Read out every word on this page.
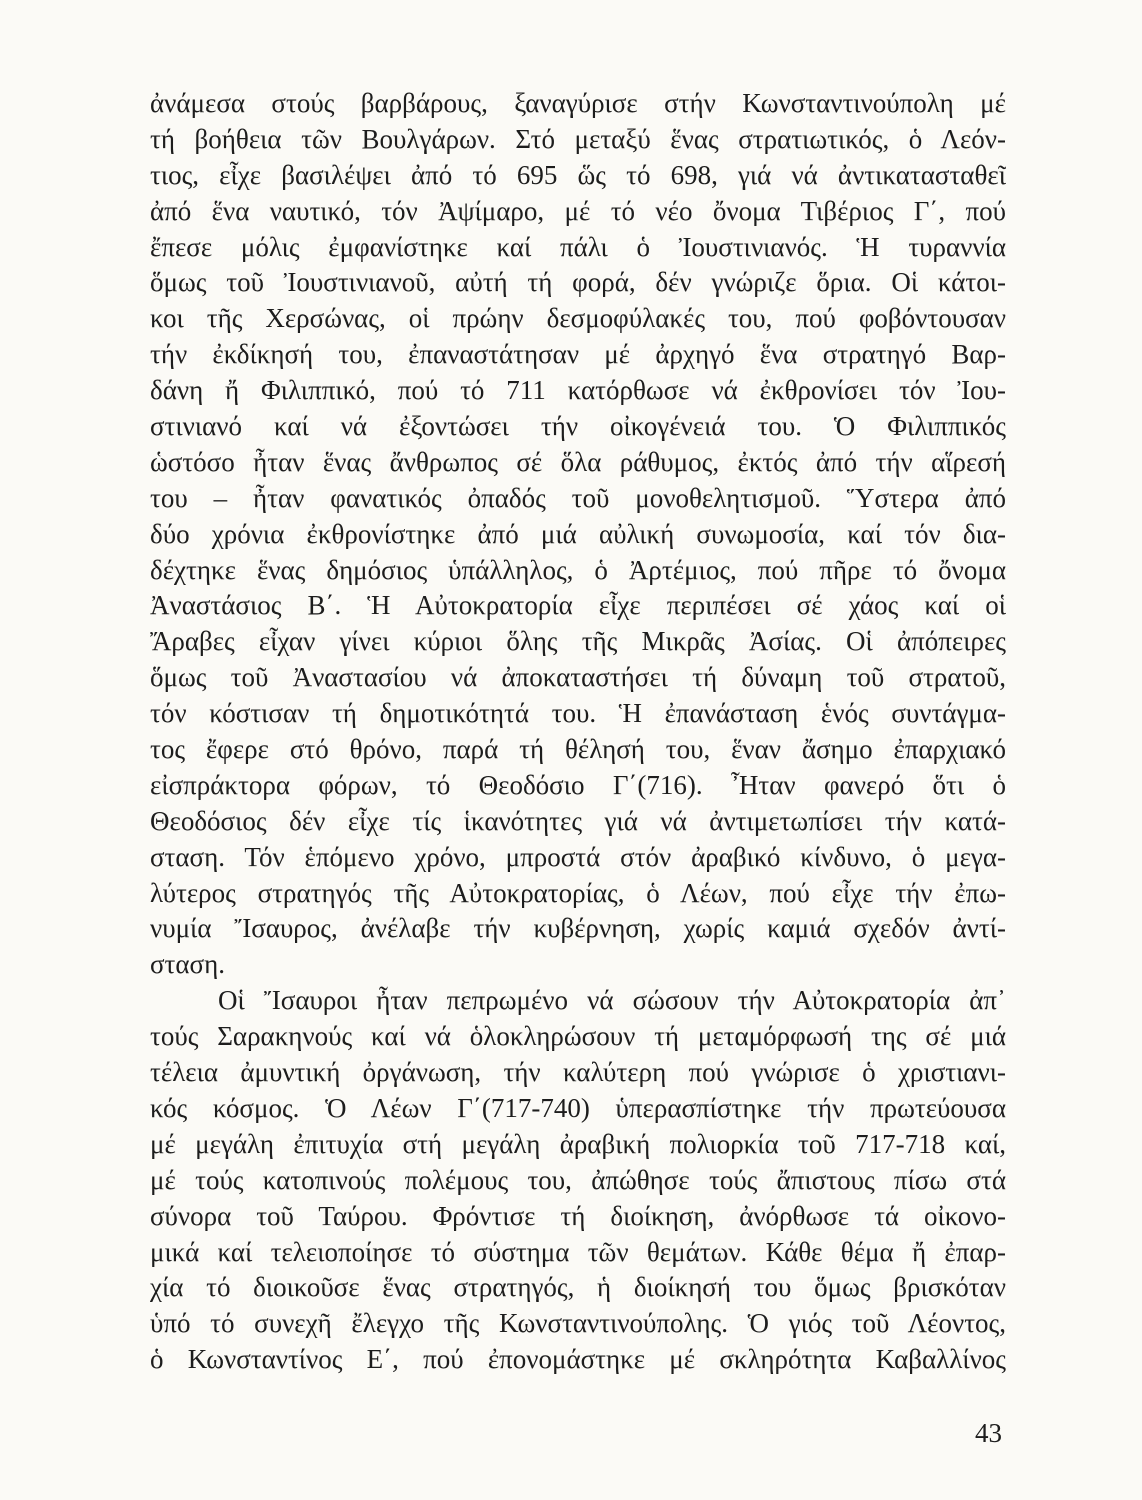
ἀνάμεσα στούς βαρβάρους, ξαναγύρισε στήν Κωνσταντινούπολη μέ
τή βοήθεια τῶν Βουλγάρων. Στό μεταξύ ἕνας στρατιωτικός, ὁ Λεόν-
τιος, εἶχε βασιλέψει ἀπό τό 695 ὥς τό 698, γιά νά ἀντικατασταθεῖ
ἀπό ἕνα ναυτικό, τόν Ἀψίμαρο, μέ τό νέο ὄνομα Τιβέριος Γ΄, πού
ἔπεσε μόλις ἐμφανίστηκε καί πάλι ὁ Ἰουστινιανός. Ἡ τυραννία
ὅμως τοῦ Ἰουστινιανοῦ, αὐτή τή φορά, δέν γνώριζε ὅρια. Οἱ κάτοι-
κοι τῆς Χερσώνας, οἱ πρώην δεσμοφύλακές του, πού φοβόντουσαν
τήν ἐκδίκησή του, ἐπαναστάτησαν μέ ἀρχηγό ἕνα στρατηγό Βαρ-
δάνη ἤ Φιλιππικό, πού τό 711 κατόρθωσε νά ἐκθρονίσει τόν Ἰου-
στινιανό καί νά ἐξοντώσει τήν οἰκογένειά του. Ὁ Φιλιππικός
ὡστόσο ἦταν ἕνας ἄνθρωπος σέ ὅλα ράθυμος, ἐκτός ἀπό τήν αἵρεσή
του – ἦταν φανατικός ὀπαδός τοῦ μονοθελητισμοῦ. Ὕστερα ἀπό
δύο χρόνια ἐκθρονίστηκε ἀπό μιά αὐλική συνωμοσία, καί τόν δια-
δέχτηκε ἕνας δημόσιος ὑπάλληλος, ὁ Ἀρτέμιος, πού πῆρε τό ὄνομα
Ἀναστάσιος Β΄. Ἡ Αὐτοκρατορία εἶχε περιπέσει σέ χάος καί οἱ
Ἄραβες εἶχαν γίνει κύριοι ὅλης τῆς Μικρᾶς Ἀσίας. Οἱ ἀπόπειρες
ὅμως τοῦ Ἀναστασίου νά ἀποκαταστήσει τή δύναμη τοῦ στρατοῦ,
τόν κόστισαν τή δημοτικότητά του. Ἡ ἐπανάσταση ἑνός συντάγμα-
τος ἔφερε στό θρόνο, παρά τή θέλησή του, ἕναν ἄσημο ἐπαρχιακό
εἰσπράκτορα φόρων, τό Θεοδόσιο Γ΄(716). Ἦταν φανερό ὅτι ὁ
Θεοδόσιος δέν εἶχε τίς ἱκανότητες γιά νά ἀντιμετωπίσει τήν κατά-
σταση. Τόν ἑπόμενο χρόνο, μπροστά στόν ἀραβικό κίνδυνο, ὁ μεγα-
λύτερος στρατηγός τῆς Αὐτοκρατορίας, ὁ Λέων, πού εἶχε τήν ἐπω-
νυμία Ἴσαυρος, ἀνέλαβε τήν κυβέρνηση, χωρίς καμιά σχεδόν ἀντί-
σταση.
Οἱ Ἴσαυροι ἦταν πεπρωμένο νά σώσουν τήν Αὐτοκρατορία ἀπ᾽
τούς Σαρακηνούς καί νά ὁλοκληρώσουν τή μεταμόρφωσή της σέ μιά
τέλεια ἀμυντική ὀργάνωση, τήν καλύτερη πού γνώρισε ὁ χριστιανι-
κός κόσμος. Ὁ Λέων Γ΄(717-740) ὑπερασπίστηκε τήν πρωτεύουσα
μέ μεγάλη ἐπιτυχία στή μεγάλη ἀραβική πολιορκία τοῦ 717-718 καί,
μέ τούς κατοπινούς πολέμους του, ἀπώθησε τούς ἄπιστους πίσω στά
σύνορα τοῦ Ταύρου. Φρόντισε τή διοίκηση, ἀνόρθωσε τά οἰκονο-
μικά καί τελειοποίησε τό σύστημα τῶν θεμάτων. Κάθε θέμα ἤ ἐπαρ-
χία τό διοικοῦσε ἕνας στρατηγός, ἡ διοίκησή του ὅμως βρισκόταν
ὑπό τό συνεχῆ ἔλεγχο τῆς Κωνσταντινούπολης. Ὁ γιός τοῦ Λέοντος,
ὁ Κωνσταντίνος Ε΄, πού ἐπονομάστηκε μέ σκληρότητα Καβαλλίνος
43
